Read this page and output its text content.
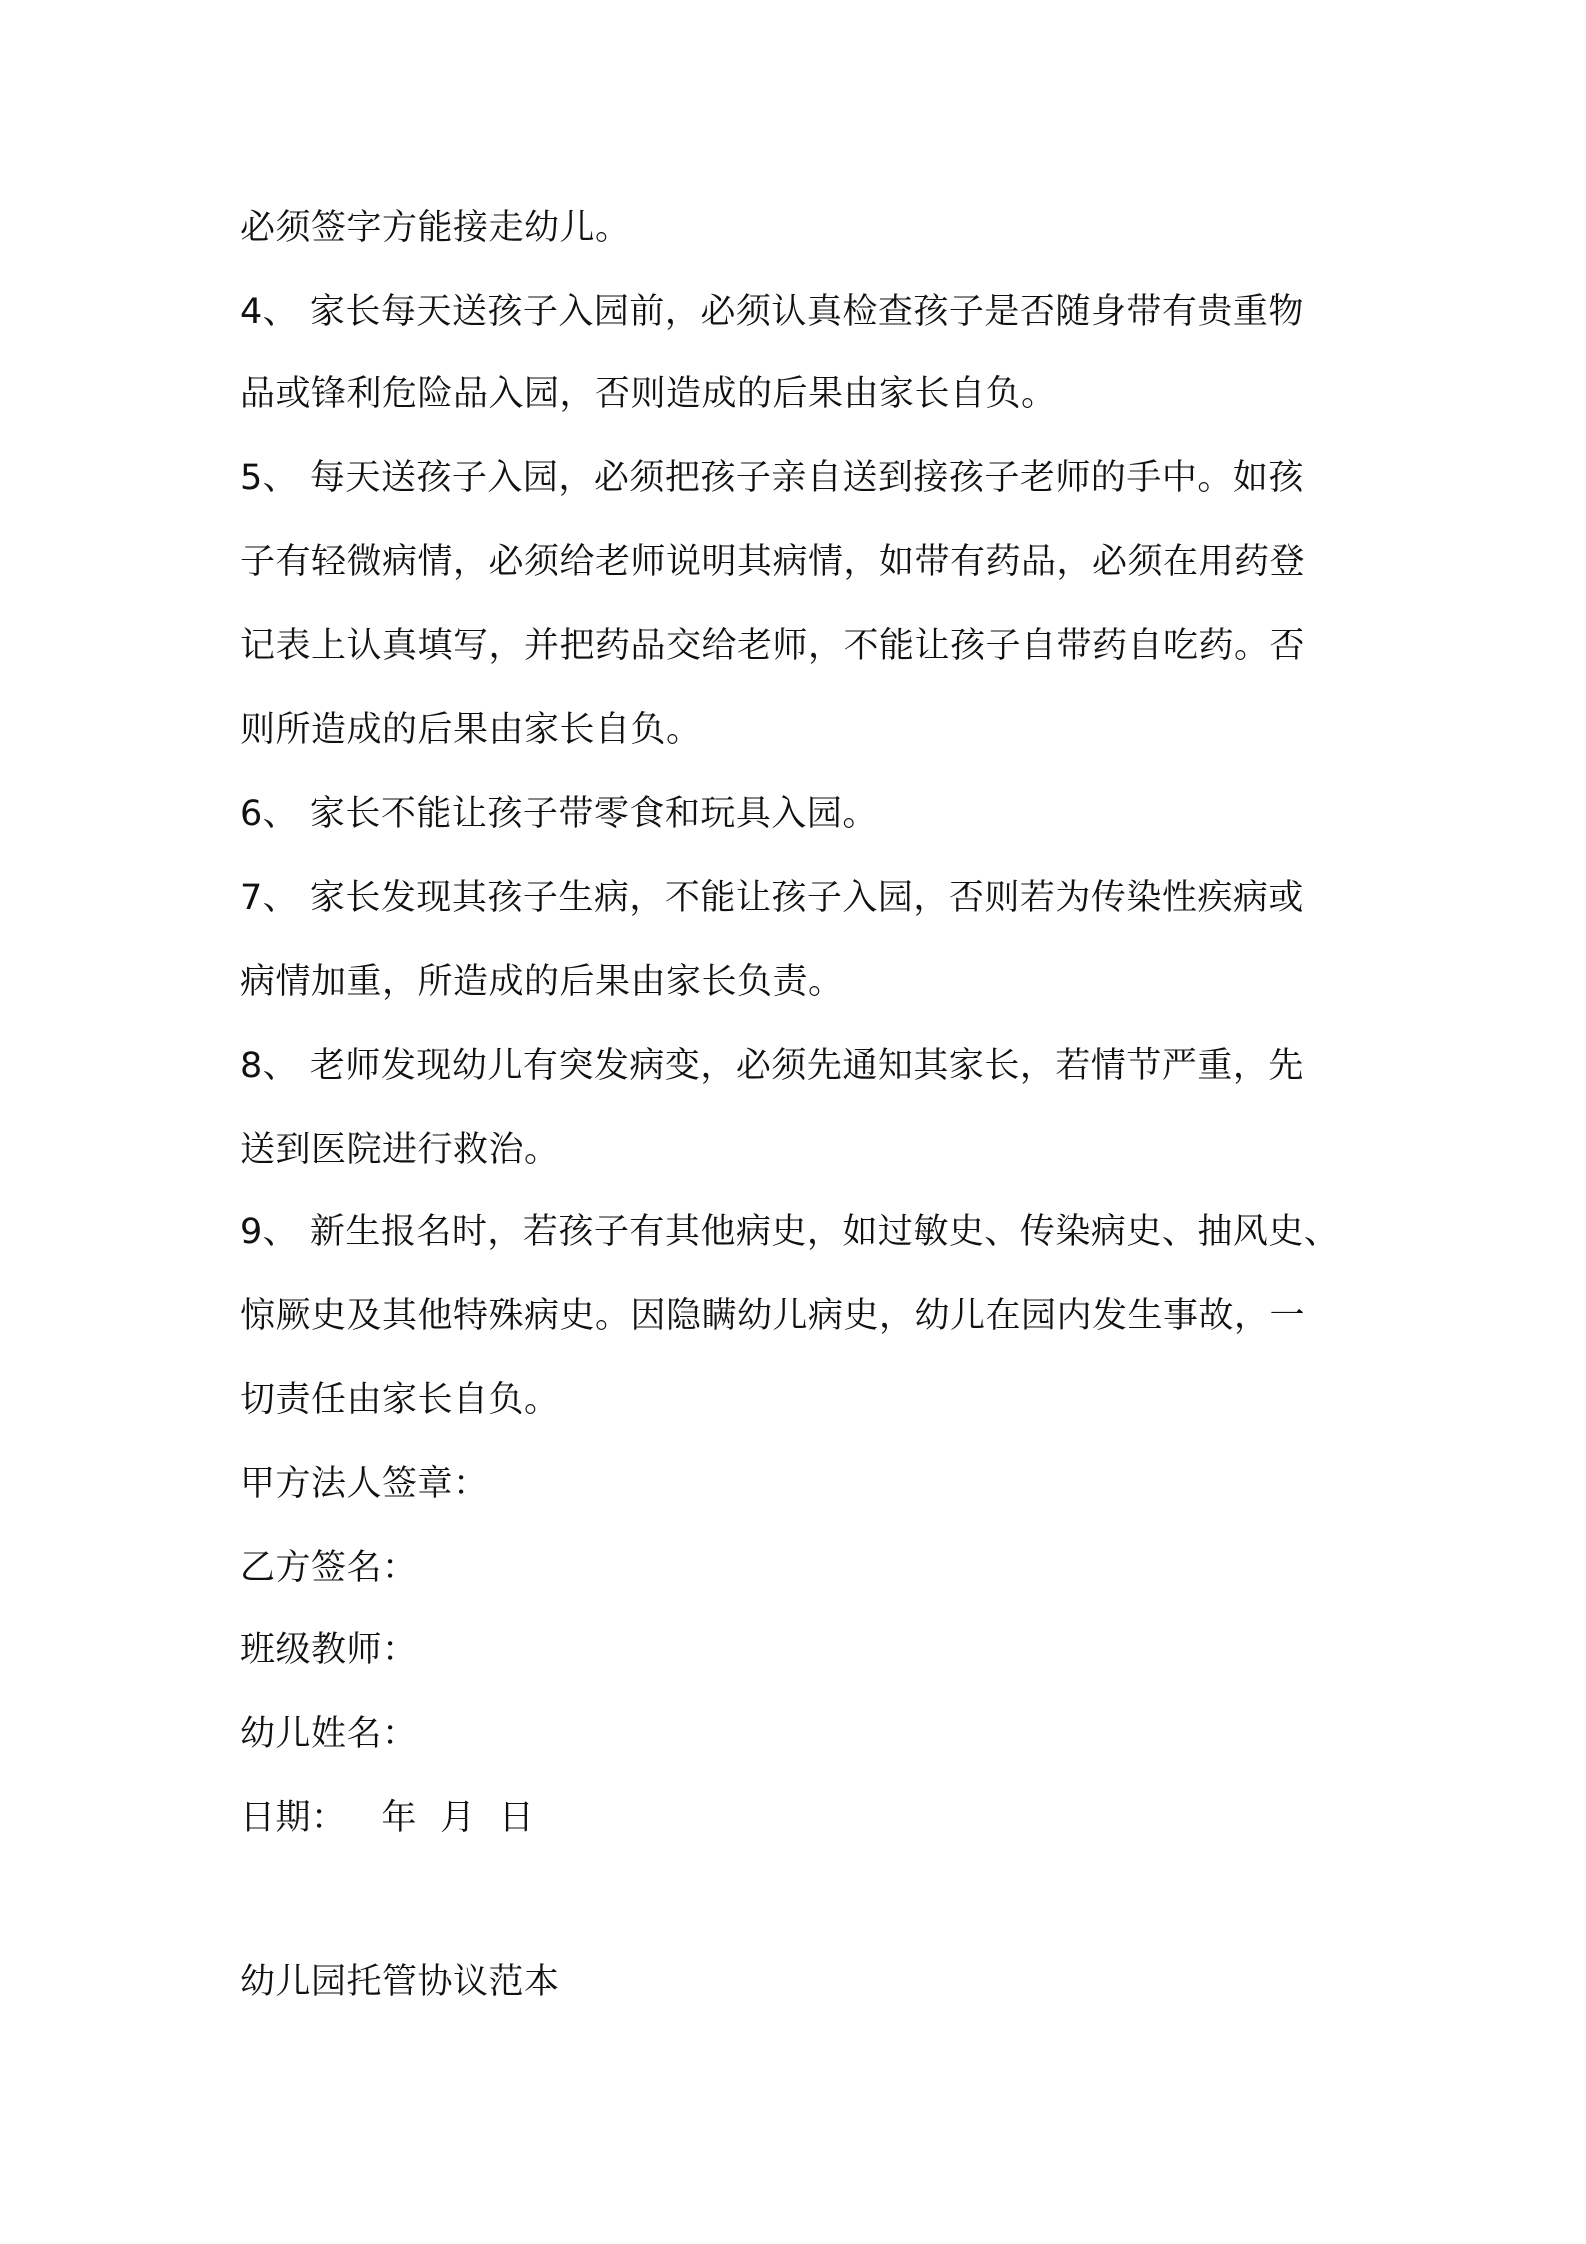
必须签字方能接走幼儿。
4、 家长每天送孩子入园前，必须认真检查孩子是否随身带有贵重物
品或锋利危险品入园，否则造成的后果由家长自负。
5、 每天送孩子入园，必须把孩子亲自送到接孩子老师的手中。如孩
子有轻微病情，必须给老师说明其病情，如带有药品，必须在用药登
记表上认真填写，并把药品交给老师，不能让孩子自带药自吃药。否
则所造成的后果由家长自负。
6、 家长不能让孩子带零食和玩具入园。
7、 家长发现其孩子生病，不能让孩子入园，否则若为传染性疾病或
病情加重，所造成的后果由家长负责。
8、 老师发现幼儿有突发病变，必须先通知其家长，若情节严重，先
送到医院进行救治。
9、 新生报名时，若孩子有其他病史，如过敏史、传染病史、抽风史、
惊厥史及其他特殊病史。因隐瞒幼儿病史，幼儿在园内发生事故，一
切责任由家长自负。
甲方法人签章：
乙方签名：
班级教师：
幼儿姓名：
日期：   年  月  日
幼儿园托管协议范本
